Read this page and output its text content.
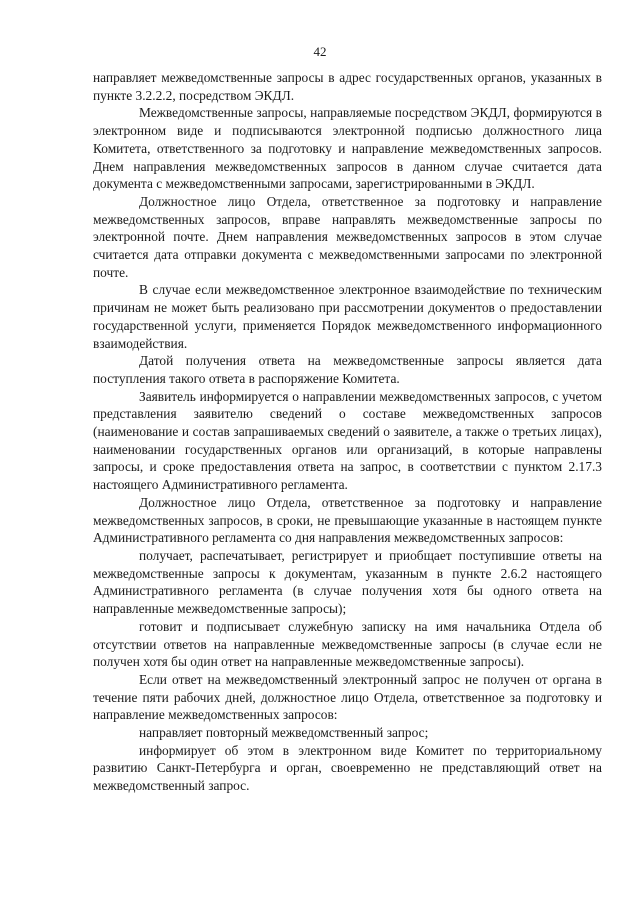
42

направляет межведомственные запросы в адрес государственных органов, указанных в пункте 3.2.2.2, посредством ЭКДЛ.

Межведомственные запросы, направляемые посредством ЭКДЛ, формируются в электронном виде и подписываются электронной подписью должностного лица Комитета, ответственного за подготовку и направление межведомственных запросов. Днем направления межведомственных запросов в данном случае считается дата документа с межведомственными запросами, зарегистрированными в ЭКДЛ.

Должностное лицо Отдела, ответственное за подготовку и направление межведомственных запросов, вправе направлять межведомственные запросы по электронной почте. Днем направления межведомственных запросов в этом случае считается дата отправки документа с межведомственными запросами по электронной почте.

В случае если межведомственное электронное взаимодействие по техническим причинам не может быть реализовано при рассмотрении документов о предоставлении государственной услуги, применяется Порядок межведомственного информационного взаимодействия.

Датой получения ответа на межведомственные запросы является дата поступления такого ответа в распоряжение Комитета.

Заявитель информируется о направлении межведомственных запросов, с учетом представления заявителю сведений о составе межведомственных запросов (наименование и состав запрашиваемых сведений о заявителе, а также о третьих лицах), наименовании государственных органов или организаций, в которые направлены запросы, и сроке предоставления ответа на запрос, в соответствии с пунктом 2.17.3 настоящего Административного регламента.

Должностное лицо Отдела, ответственное за подготовку и направление межведомственных запросов, в сроки, не превышающие указанные в настоящем пункте Административного регламента со дня направления межведомственных запросов:

получает, распечатывает, регистрирует и приобщает поступившие ответы на межведомственные запросы к документам, указанным в пункте 2.6.2 настоящего Административного регламента (в случае получения хотя бы одного ответа на направленные межведомственные запросы);

готовит и подписывает служебную записку на имя начальника Отдела об отсутствии ответов на направленные межведомственные запросы (в случае если не получен хотя бы один ответ на направленные межведомственные запросы).

Если ответ на межведомственный электронный запрос не получен от органа в течение пяти рабочих дней, должностное лицо Отдела, ответственное за подготовку и направление межведомственных запросов:

направляет повторный межведомственный запрос;

информирует об этом в электронном виде Комитет по территориальному развитию Санкт-Петербурга и орган, своевременно не представляющий ответ на межведомственный запрос.
